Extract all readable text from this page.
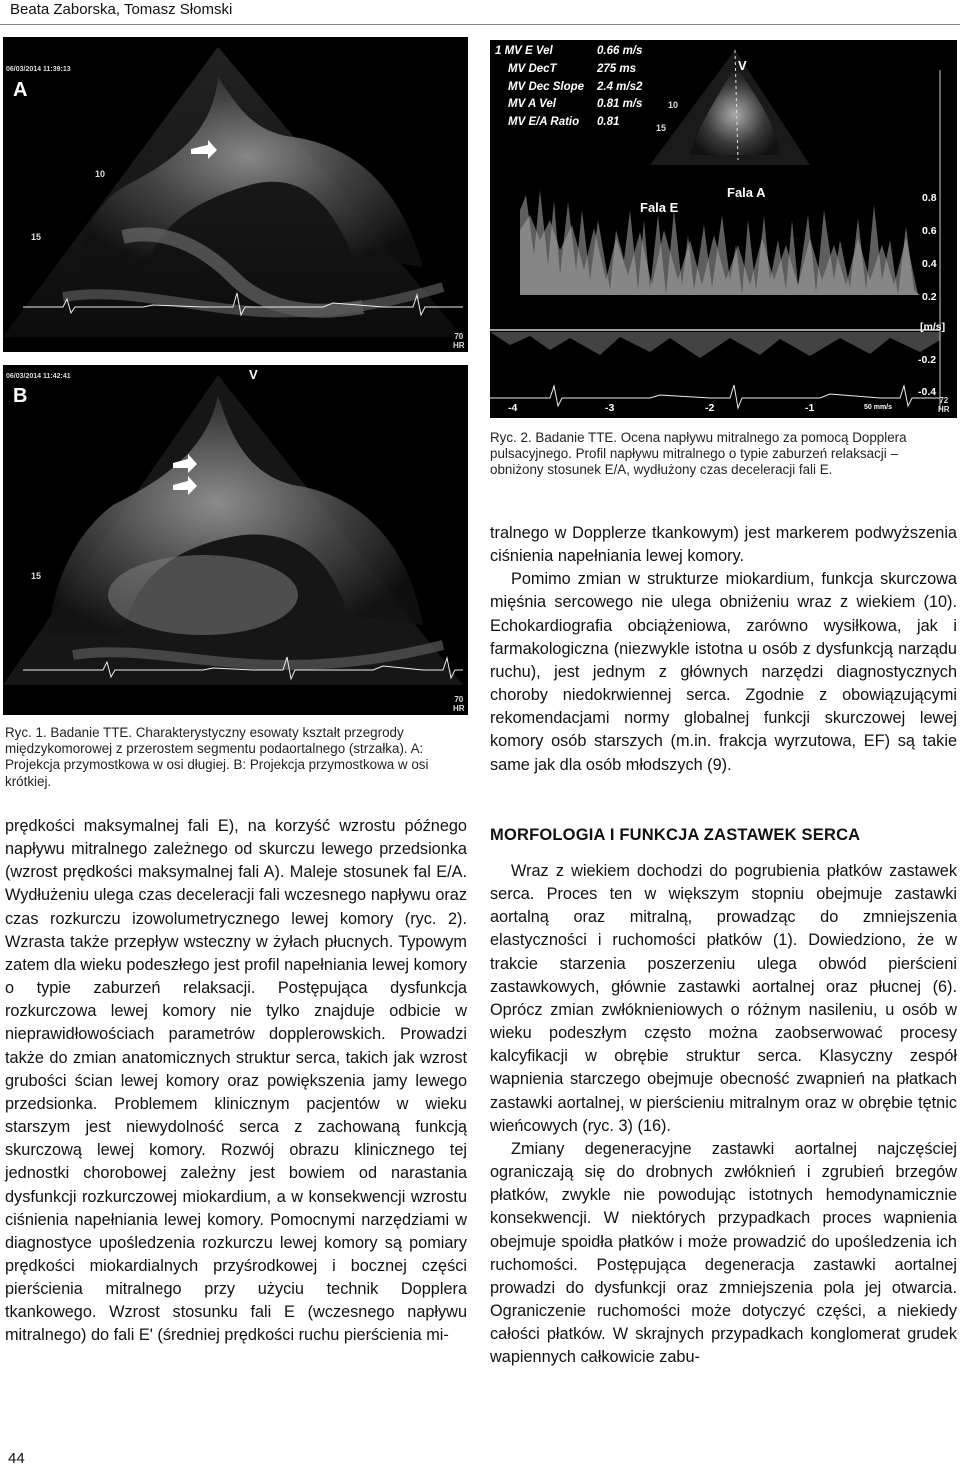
Beata Zaborska, Tomasz Słomski
A
06/03/2014 11:39:13
10
15
70
HR
B
06/03/2014 11:42:41	V
15
70
HR
Ryc. 1. Badanie TTE. Charakterystyczny esowaty kształt przegrody międzykomorowej z przerostem segmentu podaortalnego (strzałka). A: Projekcja przymostkowa w osi długiej. B: Projekcja przymostkowa w osi krótkiej.
1 MV E Vel	0.66 m/s
MV DecT	275 ms
MV Dec Slope 2.4 m/s2
MV A Vel	0.81 m/s
MV E/A Ratio 0.81
V
10
15
Fala E
Fala A	0.8
0.6
0.4
0.2
[m/s]
-0.2
-0.4
-4	-3	-2	-1	50 mm/s
72
HR
Ryc. 2. Badanie TTE. Ocena napływu mitralnego za pomocą Dopplera pulsacyjnego. Profil napływu mitralnego o typie zaburzeń relaksacji – obniżony stosunek E/A, wydłużony czas deceleracji fali E.

prędkości maksymalnej fali E), na korzyść wzrostu późnego napływu mitralnego zależnego od skurczu lewego przedsionka (wzrost prędkości maksymalnej fali A). Maleje stosunek fal E/A. Wydłużeniu ulega czas deceleracji fali wczesnego napływu oraz czas rozkurczu izowolumetrycznego lewej komory (ryc. 2). Wzrasta także przepływ wsteczny w żyłach płucnych. Typowym zatem dla wieku podeszłego jest profil napełniania lewej komory o typie zaburzeń relaksacji. Postępująca dysfunkcja rozkurczowa lewej komory nie tylko znajduje odbicie w nieprawidłowościach parametrów dopplerowskich. Prowadzi także do zmian anatomicznych struktur serca, takich jak wzrost grubości ścian lewej komory oraz powiększenia jamy lewego przedsionka. Problemem klinicznym pacjentów w wieku starszym jest niewydolność serca z zachowaną funkcją skurczową lewej komory. Rozwój obrazu klinicznego tej jednostki chorobowej zależny jest bowiem od narastania dysfunkcji rozkurczowej miokardium, a w konsekwencji wzrostu ciśnienia napełniania lewej komory. Pomocnymi narzędziami w diagnostyce upośledzenia rozkurczu lewej komory są pomiary prędkości miokardialnych przyśrodkowej i bocznej części pierścienia mitralnego przy użyciu technik Dopplera tkankowego. Wzrost stosunku fali E (wczesnego napływu mitralnego) do fali E' (średniej prędkości ruchu pierścienia mi-

tralnego w Dopplerze tkankowym) jest markerem podwyższenia ciśnienia napełniania lewej komory.

Pomimo zmian w strukturze miokardium, funkcja skurczowa mięśnia sercowego nie ulega obniżeniu wraz z wiekiem (10). Echokardiografia obciążeniowa, zarówno wysiłkowa, jak i farmakologiczna (niezwykle istotna u osób z dysfunkcją narządu ruchu), jest jednym z głównych narzędzi diagnostycznych choroby niedokrwiennej serca. Zgodnie z obowiązującymi rekomendacjami normy globalnej funkcji skurczowej lewej komory osób starszych (m.in. frakcja wyrzutowa, EF) są takie same jak dla osób młodszych (9).

MORFOLOGIA I FUNKCJA ZASTAWEK SERCA

Wraz z wiekiem dochodzi do pogrubienia płatków zastawek serca. Proces ten w większym stopniu obejmuje zastawki aortalną oraz mitralną, prowadząc do zmniejszenia elastyczności i ruchomości płatków (1). Dowiedziono, że w trakcie starzenia poszerzeniu ulega obwód pierścieni zastawkowych, głównie zastawki aortalnej oraz płucnej (6). Oprócz zmian zwłóknieniowych o różnym nasileniu, u osób w wieku podeszłym często można zaobserwować procesy kalcyfikacji w obrębie struktur serca. Klasyczny zespół wapnienia starczego obejmuje obecność zwapnień na płatkach zastawki aortalnej, w pierścieniu mitralnym oraz w obrębie tętnic wieńcowych (ryc. 3) (16).

Zmiany degeneracyjne zastawki aortalnej najczęściej ograniczają się do drobnych zwłóknień i zgrubień brzegów płatków, zwykle nie powodując istotnych hemodynamicznie konsekwencji. W niektórych przypadkach proces wapnienia obejmuje spoidła płatków i może prowadzić do upośledzenia ich ruchomości. Postępująca degeneracja zastawki aortalnej prowadzi do dysfunkcji oraz zmniejszenia pola jej otwarcia. Ograniczenie ruchomości może dotyczyć części, a niekiedy całości płatków. W skrajnych przypadkach konglomerat grudek wapiennych całkowicie zabu-

44
